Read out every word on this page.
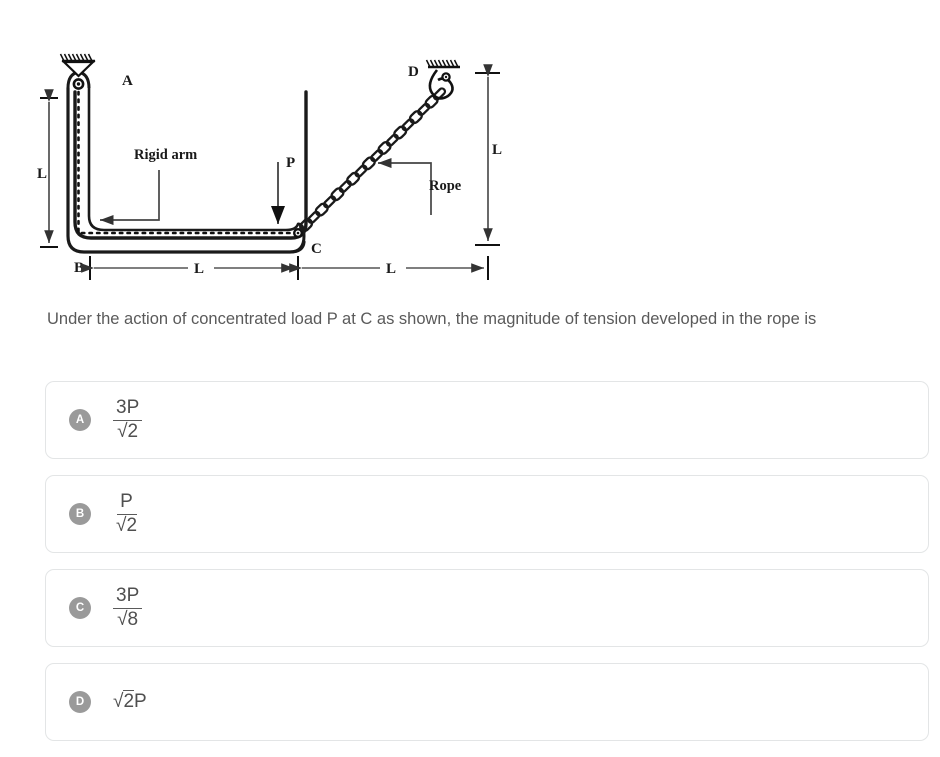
P
Rigid arm
Rope
A
B
C
D
L
L
L	L
Under the action of concentrated load P at C as shown, the magnitude of tension developed in the rope is
A	$\frac{3P}{√2}$
B	$\frac{P}{√2}$
C	$\frac{3P}{√8}$
D	√2P
